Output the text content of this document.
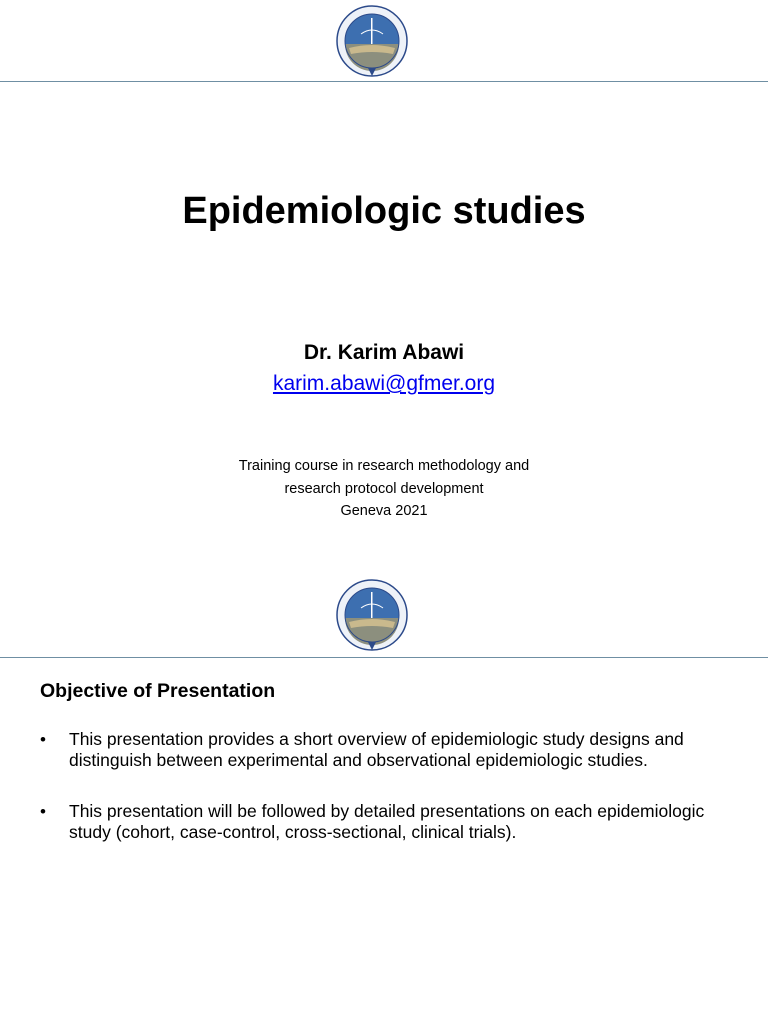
Epidemiologic studies
Dr. Karim Abawi
karim.abawi@gfmer.org
Training course in research methodology and
research protocol development
Geneva 2021
Objective of Presentation
• This presentation provides a short overview of epidemiologic study designs and distinguish between experimental and observational epidemiologic studies.
• This presentation will be followed by detailed presentations on each epidemiologic study (cohort, case-control, cross-sectional, clinical trials).
